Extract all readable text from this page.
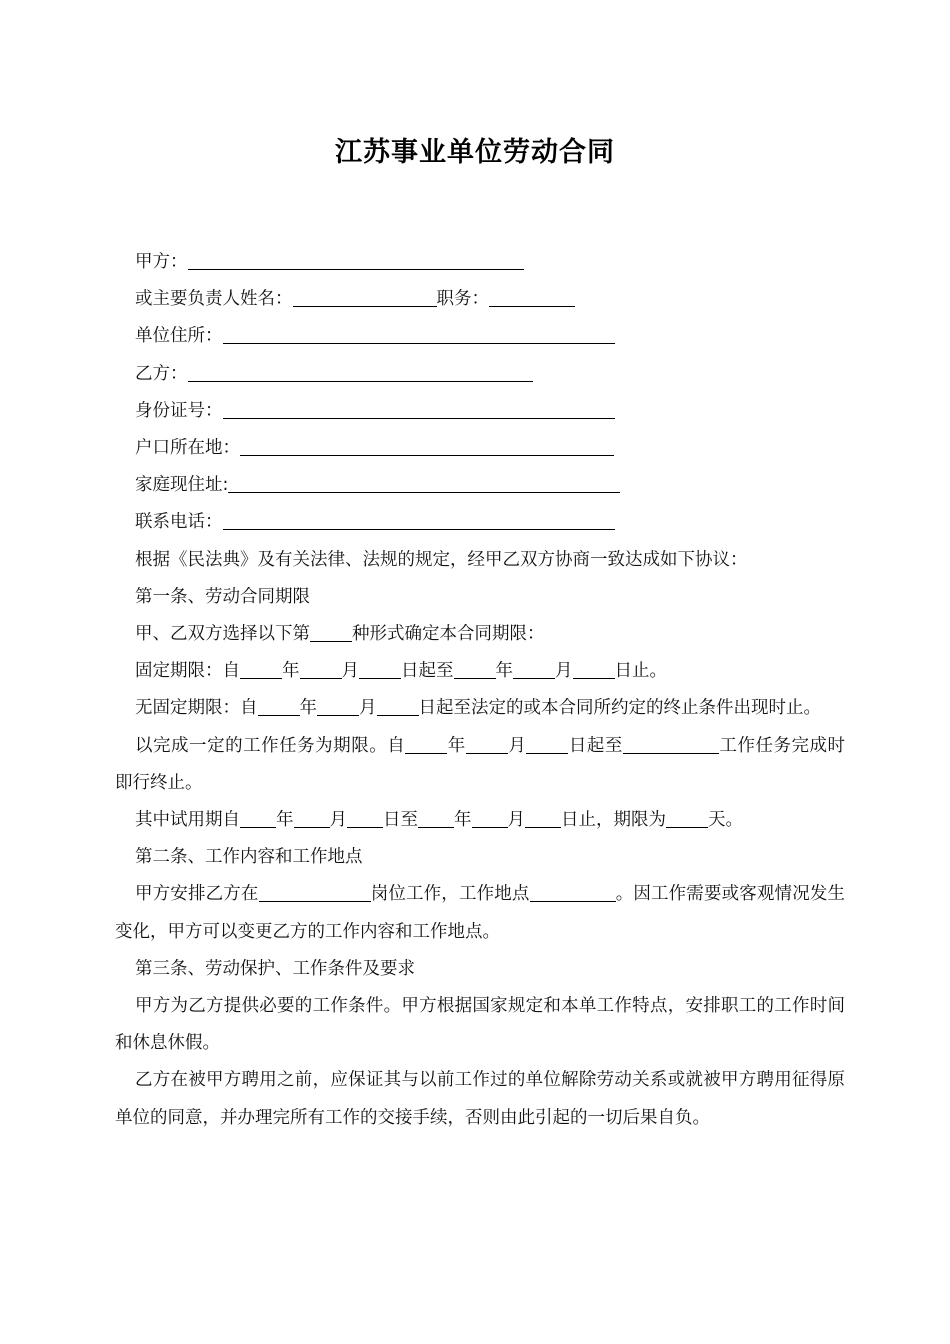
江苏事业单位劳动合同
甲方：
或主要负责人姓名：	职务：
单位住所：
乙方：
身份证号：
户口所在地：
家庭现住址:
联系电话：
根据《民法典》及有关法律、法规的规定，经甲乙双方协商一致达成如下协议：
第一条、劳动合同期限
甲、乙双方选择以下第 种形式确定本合同期限：
固定期限：自 年 月 日起至 年 月 日止。
无固定期限：自 年 月 日起至法定的或本合同所约定的终止条件出现时止。
以完成一定的工作任务为期限。自 年 月 日起至	工作任务完成时即行终止。
其中试用期自 年 月 日至 年 月 日止，期限为 天。
第二条、工作内容和工作地点
甲方安排乙方在	岗位工作，工作地点	。因工作需要或客观情况发生变化，甲方可以变更乙方的工作内容和工作地点。
第三条、劳动保护、工作条件及要求
甲方为乙方提供必要的工作条件。甲方根据国家规定和本单工作特点，安排职工的工作时间和休息休假。
乙方在被甲方聘用之前，应保证其与以前工作过的单位解除劳动关系或就被甲方聘用征得原单位的同意，并办理完所有工作的交接手续，否则由此引起的一切后果自负。
